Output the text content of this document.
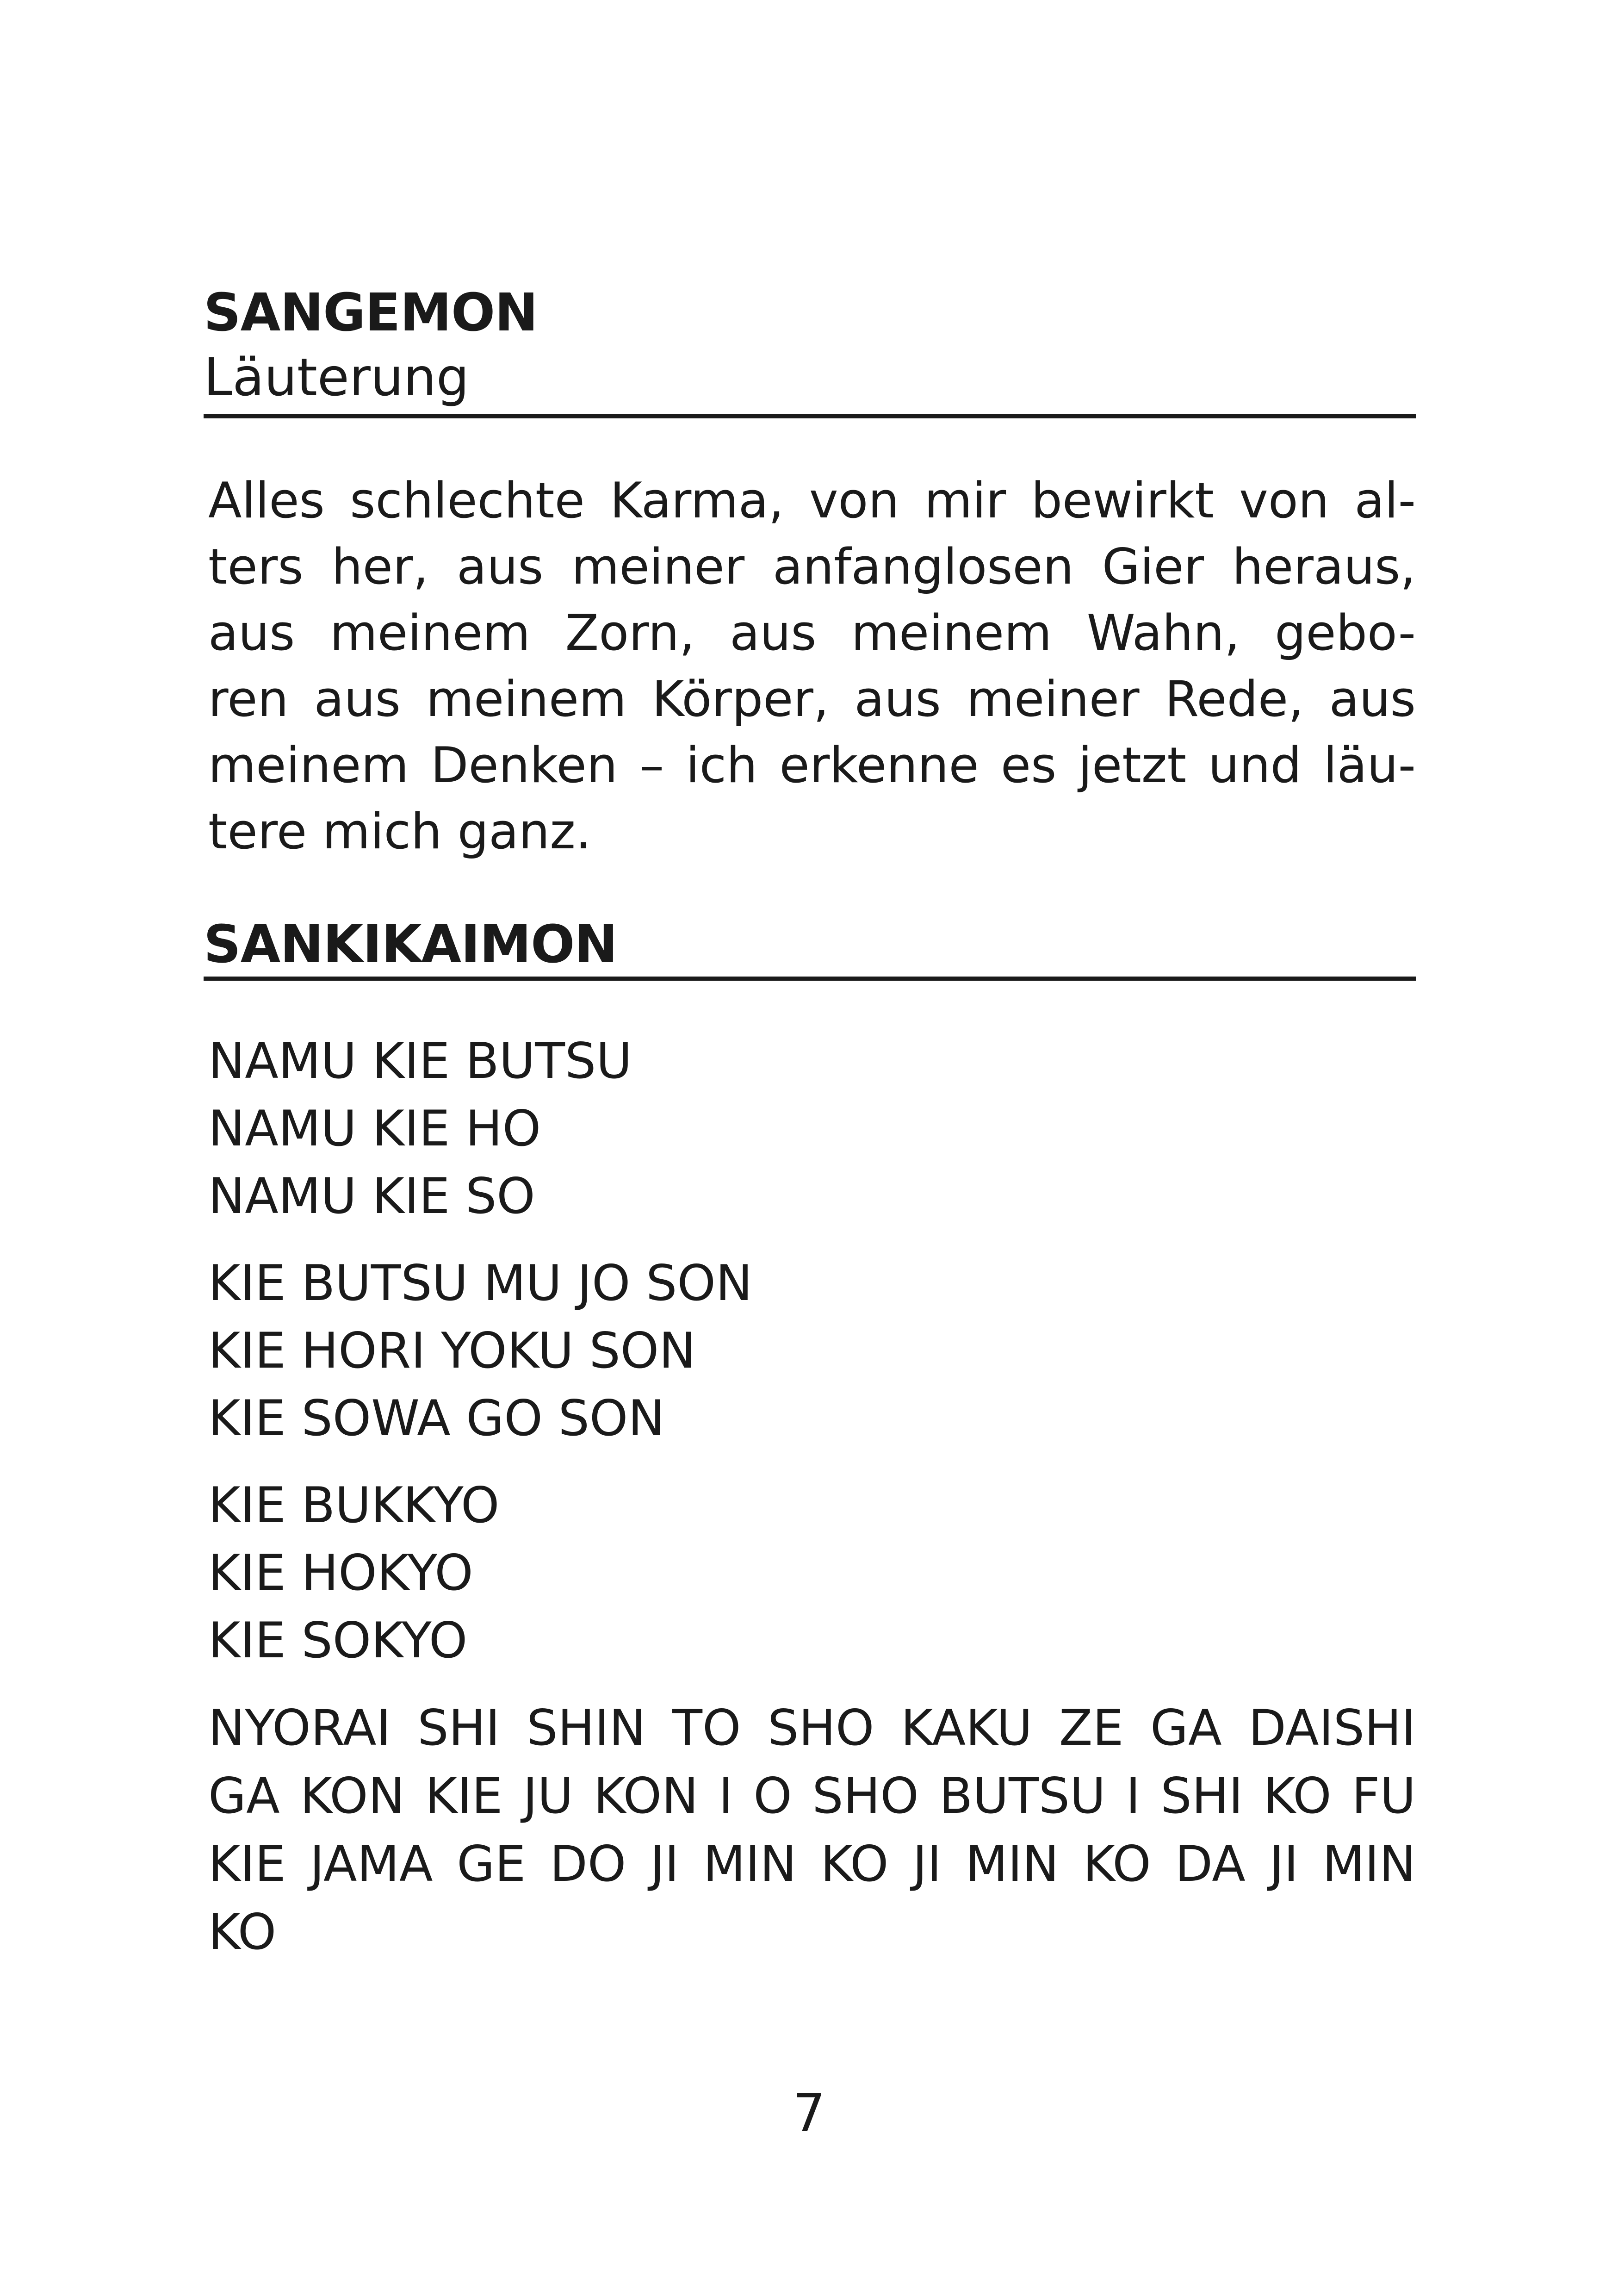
SANGEMON
Läuterung
Alles schlechte Karma, von mir bewirkt von al-
ters her, aus meiner anfanglosen Gier heraus,
aus meinem Zorn, aus meinem Wahn, gebo-
ren aus meinem Körper, aus meiner Rede, aus
meinem Denken – ich erkenne es jetzt und läu-
tere mich ganz.
SANKIKAIMON
NAMU KIE BUTSU
NAMU KIE HO
NAMU KIE SO
KIE BUTSU MU JO SON
KIE HORI YOKU SON
KIE SOWA GO SON
KIE BUKKYO
KIE HOKYO
KIE SOKYO
NYORAI SHI SHIN TO SHO KAKU ZE GA DAISHI
GA KON KIE JU KON I O SHO BUTSU I SHI KO FU
KIE JAMA GE DO JI MIN KO JI MIN KO DA JI MIN
KO
7
